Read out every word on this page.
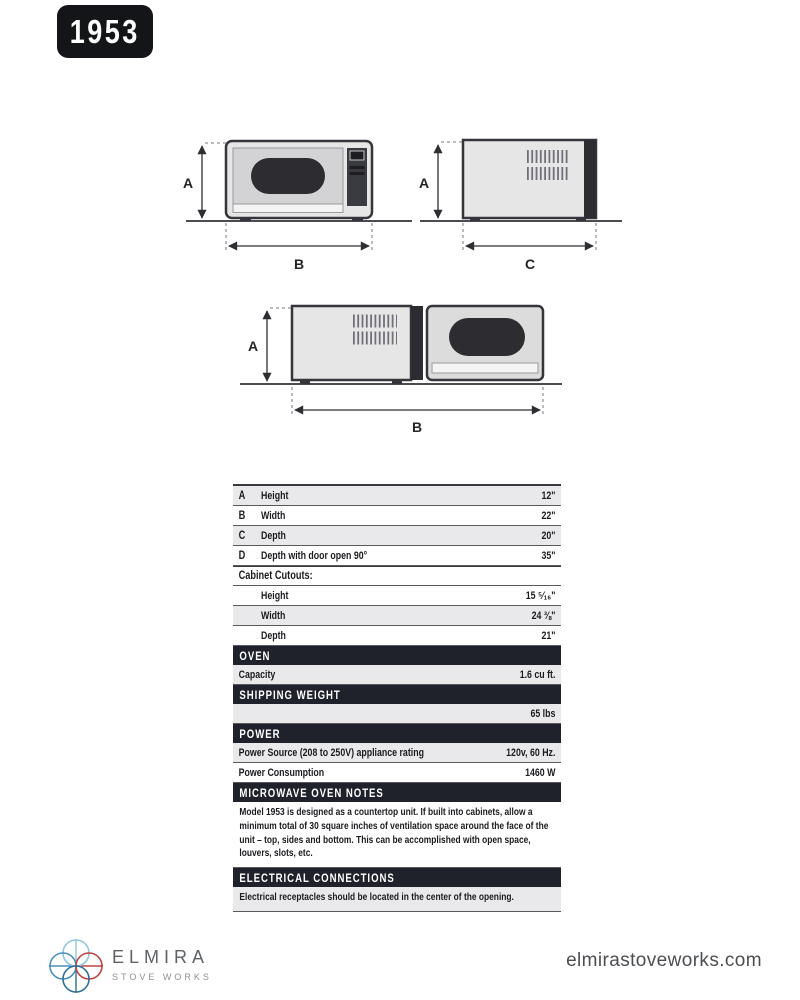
1953
A
B
A
C
A
B
A	Height	12"
B	Width	22"
C	Depth	20"
D	Depth with door open 90°	35"
Cabinet Cutouts:
Height	15 ⁵⁄₁₆"
Width	24 ⅜"
Depth	21"
OVEN
Capacity	1.6 cu ft.
SHIPPING WEIGHT
65 lbs
POWER
Power Source (208 to 250V) appliance rating	120v, 60 Hz.
Power Consumption	1460 W
MICROWAVE OVEN NOTES
Model 1953 is designed as a countertop unit. If built into cabinets, allow a minimum total of 30 square inches of ventilation space around the face of the unit – top, sides and bottom. This can be accomplished with open space, louvers, slots, etc.
ELECTRICAL CONNECTIONS
Electrical receptacles should be located in the center of the opening.
ELMIRA
STOVE WORKS
elmirastoveworks.com
